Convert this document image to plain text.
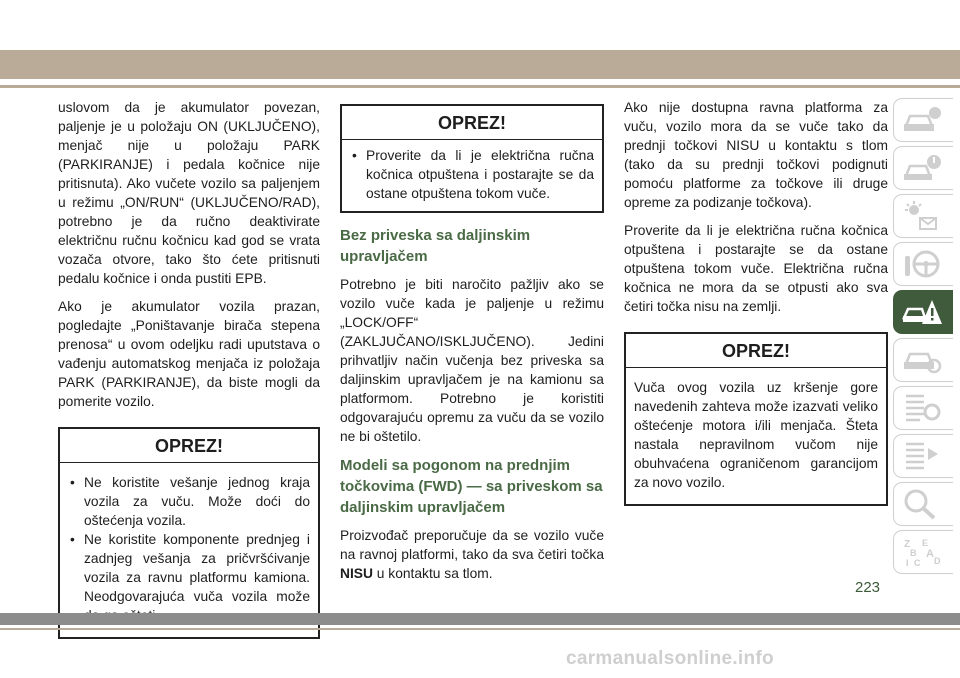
uslovom da je akumulator povezan, paljenje je u položaju ON (UKLJUČENO), menjač nije u položaju PARK (PARKIRANJE) i pedala kočnice nije pritisnuta). Ako vučete vozilo sa paljenjem u režimu „ON/RUN“ (UKLJUČENO/RAD), potrebno je da ručno deaktivirate električnu ručnu kočnicu kad god se vrata vozača otvore, tako što ćete pritisnuti pedalu kočnice i onda pustiti EPB.

Ako je akumulator vozila prazan, pogledajte „Poništavanje birača stepena prenosa“ u ovom odeljku radi uputstava o vađenju automatskog menjača iz položaja PARK (PARKIRANJE), da biste mogli da pomerite vozilo.

OPREZ!
• Ne koristite vešanje jednog kraja vozila za vuču. Može doći do oštećenja vozila.
• Ne koristite komponente prednjeg i zadnjeg vešanja za pričvršćivanje vozila za ravnu platformu kamiona. Neodgovarajuća vuča vozila može
OPREZ!
• Proverite da li je električna ručna kočnica otpuštena i postarajte se da ostane otpuštena tokom vuče.
Bez priveska sa daljinskim upravljačem

Potrebno je biti naročito pažljiv ako se vozilo vuče kada je paljenje u režimu „LOCK/OFF“ (ZAKLJUČANO/ISKLJUČENO). Jedini prihvatljiv način vučenja bez priveska sa daljinskim upravljačem je na kamionu sa platformom. Potrebno je koristiti odgovarajuću opremu za vuču da se vozilo ne bi oštetilo.

Modeli sa pogonom na prednjim točkovima (FWD) — sa priveskom sa daljinskim upravljačem

Proizvođač preporučuje da se vozilo vuče na ravnoj platformi, tako da sva četiri točka NISU u kontaktu sa tlom.

Ako nije dostupna ravna platforma za vuču, vozilo mora da se vuče tako da prednji točkovi NISU u kontaktu s tlom (tako da su prednji točkovi podignuti pomoću platforme za točkove ili druge opreme za podizanje točkova).

Proverite da li je električna ručna kočnica otpuštena i postarajte se da ostane otpuštena tokom vuče. Električna ručna kočnica ne mora da se otpusti ako sva četiri točka nisu na zemlji.

OPREZ!
Vuča ovog vozila uz kršenje gore navedenih zahteva može izazvati veliko oštećenje motora i/ili menjača. Šteta nastala nepravilnom vučom nije obuhvaćena ograničenom garancijom za novo vozilo.
Z E
B A
I C D
223
carmanualsonline.info
